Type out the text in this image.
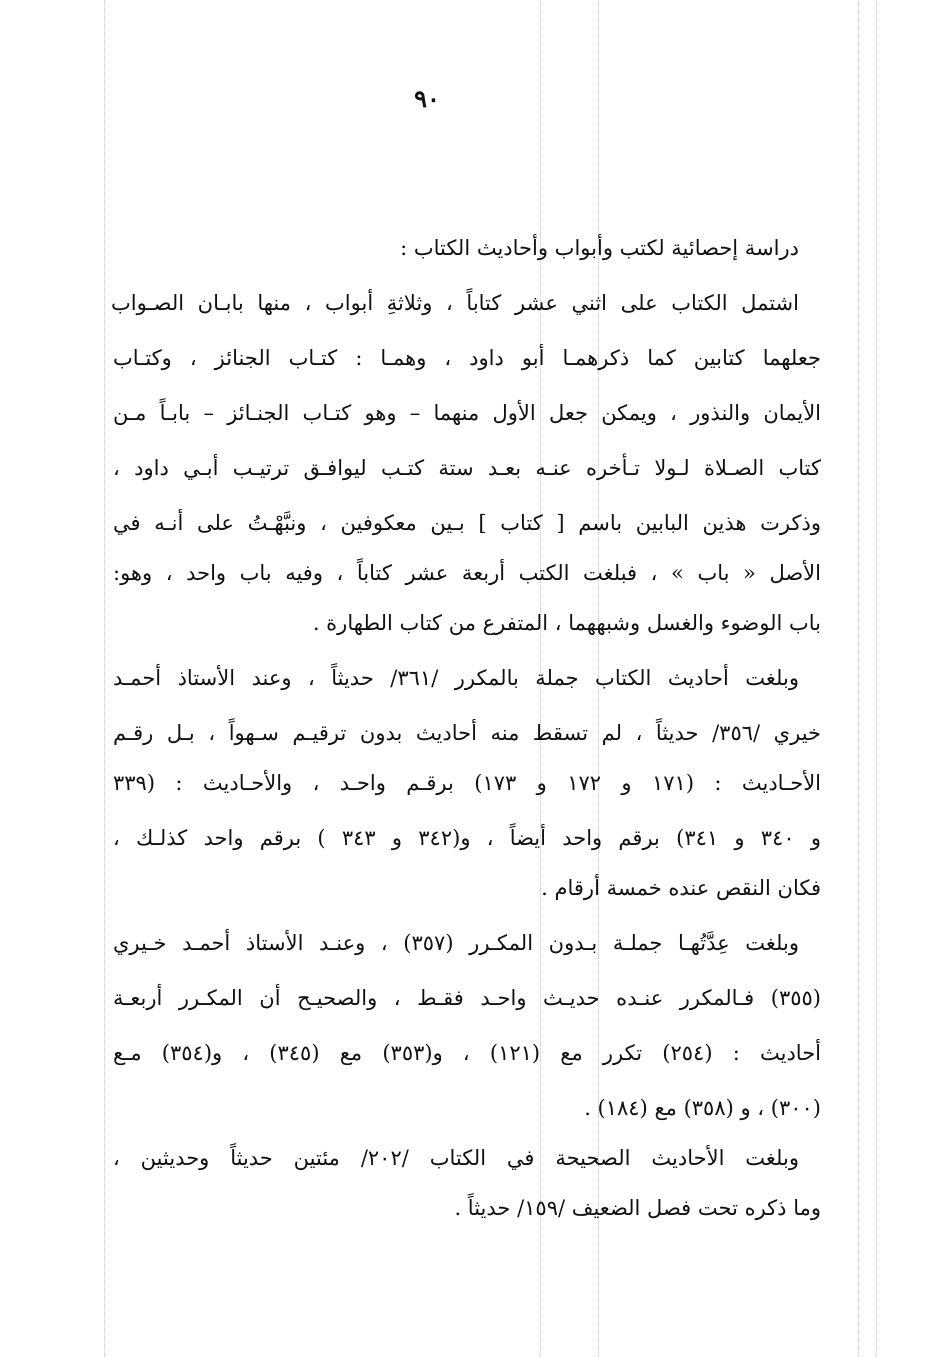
٩٠
دراسة إحصائية لكتب وأبواب وأحاديث الكتاب :
اشتمل الكتاب على اثني عشر كتاباً ، وثلاثةِ أبواب ، منها بابـان الصـواب
جعلهما كتابين كما ذكرهمـا أبو داود ، وهمـا : كتـاب الجنائز ، وكتـاب
الأيمان والنذور ، ويمكن جعل الأول منهما – وهو كتـاب الجنـائز – بابـاً مـن
كتاب الصـلاة لـولا تـأخره عنـه بعـد ستة كتـب ليوافـق ترتيـب أبـي داود ،
وذكرت هذين البابين باسم [ كتاب ] بـين معكوفين ، ونبَّهْـتُ على أنـه في
الأصل « باب » ، فبلغت الكتب أربعة عشر كتاباً ، وفيه باب واحد ، وهو:
باب الوضوء والغسل وشبههما ، المتفرع من كتاب الطهارة .
وبلغت أحاديث الكتاب جملة بالمكرر /٣٦١/ حديثاً ، وعند الأستاذ أحمـد
خيري /٣٥٦/ حديثاً ، لم تسقط منه أحاديث بدون ترقيـم سـهواً ، بـل رقـم
الأحـاديث : (١٧١ و ١٧٢ و ١٧٣) برقـم واحـد ، والأحـاديث : (٣٣٩
و ٣٤٠ و ٣٤١) برقم واحد أيضاً ، و(٣٤٢ و ٣٤٣ ) برقم واحد كذلـك ،
فكان النقص عنده خمسة أرقام .
وبلغت عِدَّتُهـا جملـة بـدون المكـرر (٣٥٧) ، وعنـد الأستاذ أحمـد خـيري
(٣٥٥) فـالمكرر عنـده حديـث واحـد فقـط ، والصحيـح أن المكـرر أربعـة
أحاديث : (٢٥٤) تكرر مع (١٢١) ، و(٣٥٣) مع (٣٤٥) ، و(٣٥٤) مـع
(٣٠٠) ، و (٣٥٨) مع (١٨٤) .
وبلغت الأحاديث الصحيحة في الكتاب /٢٠٢/ مئتين حديثاً وحديثين ،
وما ذكره تحت فصل الضعيف /١٥٩/ حديثاً .
